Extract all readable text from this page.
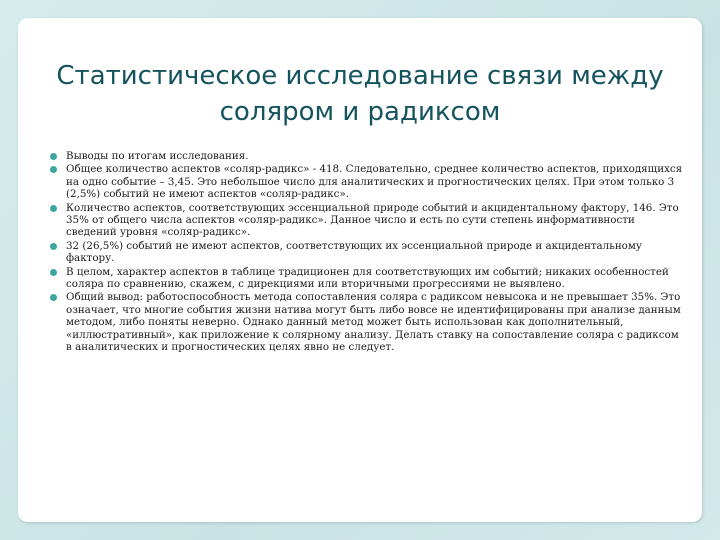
Статистическое исследование связи между
соляром и радиксом
Выводы по итогам исследования.
Общее количество аспектов «соляр-радикс» - 418. Следовательно, среднее количество аспектов, приходящихся на одно событие – 3,45. Это небольшое число для аналитических и прогностических целях. При этом только 3 (2,5%) событий не имеют аспектов «соляр-радикс».
Количество аспектов, соответствующих эссенциальной природе событий и акцидентальному фактору, 146. Это 35% от общего числа аспектов «соляр-радикс». Данное число и есть по сути степень информативности сведений уровня «соляр-радикс».
32 (26,5%) событий не имеют аспектов, соответствующих их эссенциальной природе и акцидентальному фактору.
В целом, характер аспектов в таблице традиционен для соответствующих им событий; никаких особенностей соляра по сравнению, скажем, с дирекциями или вторичными прогрессиями не выявлено.
Общий вывод: работоспособность метода сопоставления соляра с радиксом невысока и не превышает 35%. Это означает, что многие события жизни натива могут быть либо вовсе не идентифицированы при анализе данным методом, либо поняты неверно. Однако данный метод может быть использован как дополнительный, «иллюстративный», как приложение к солярному анализу. Делать ставку на сопоставление соляра с радиксом в аналитических и прогностических целях явно не следует.
